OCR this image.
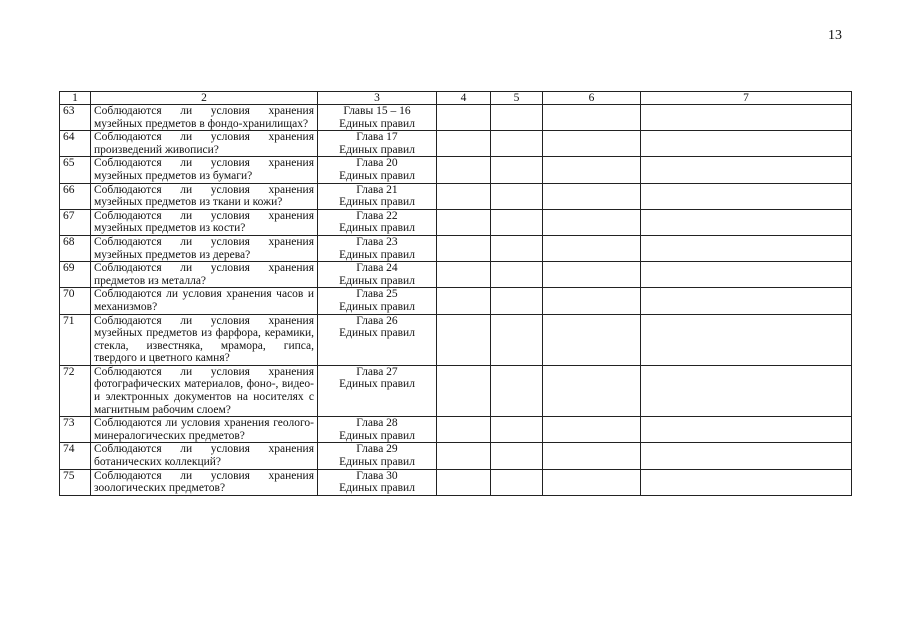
13
1	2	3	4	5	6	7
63	Соблюдаются ли условия хранения музейных предметов в фондо-хранилищах?	Главы 15 – 16
Единых правил				

64	Соблюдаются ли условия хранения произведений живописи?	Глава 17
Единых правил				

65	Соблюдаются ли условия хранения музейных предметов из бумаги?	Глава 20
Единых правил				

66	Соблюдаются ли условия хранения музейных предметов из ткани и кожи?	Глава 21
Единых правил				

67	Соблюдаются ли условия хранения музейных предметов из кости?	Глава 22
Единых правил				

68	Соблюдаются ли условия хранения музейных предметов из дерева?	Глава 23
Единых правил				

69	Соблюдаются ли условия хранения предметов из металла?	Глава 24
Единых правил				

70	Соблюдаются ли условия хранения часов и механизмов?	Глава 25
Единых правил				

71	Соблюдаются ли условия хранения музейных предметов из фарфора, керамики, стекла, известняка, мрамора, гипса, твердого и цветного камня?	Глава 26
Единых правил				

72	Соблюдаются ли условия хранения фотографических материалов, фоно-, видео- и электронных документов на носителях с магнитным рабочим слоем?	Глава 27
Единых правил				

73	Соблюдаются ли условия хранения геолого-минералогических предметов?	Глава 28
Единых правил				

74	Соблюдаются ли условия хранения ботанических коллекций?	Глава 29
Единых правил				

75	Соблюдаются ли условия хранения зоологических предметов?	Глава 30
Единых правил				
